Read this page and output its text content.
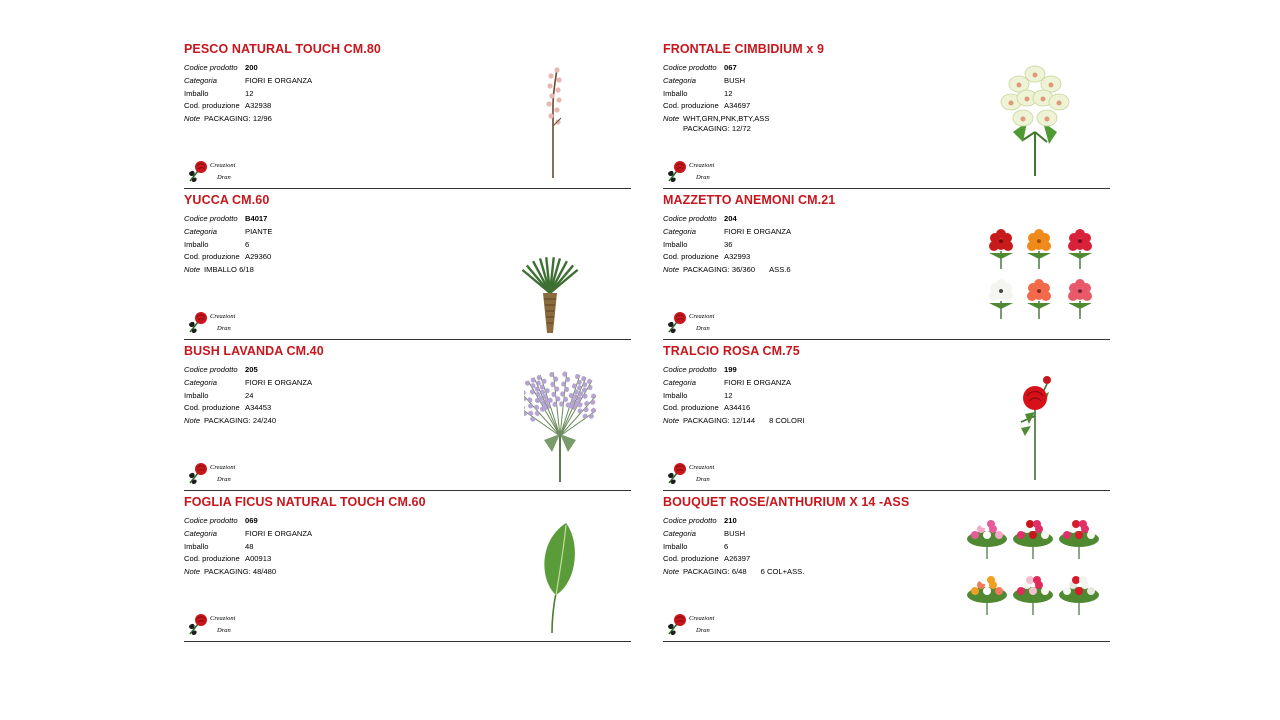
PESCO NATURAL TOUCH CM.80
Codice prodotto 200
Categoria	FIORI E ORGANZA
Imballo	12
Cod. produzione A32938
Note PACKAGING: 12/96
Creazioni
Dran
FRONTALE CIMBIDIUM x 9
Codice prodotto 067
Categoria	BUSH
Imballo	12
Cod. produzione A34697
Note WHT,GRN,PNK,BTY,ASS
PACKAGING: 12/72
Creazioni
Dran
YUCCA CM.60
Codice prodotto B4017
Categoria	PIANTE
Imballo	6
Cod. produzione A29360
Note IMBALLO 6/18
Creazioni
Dran
MAZZETTO ANEMONI CM.21
Codice prodotto 204
Categoria	FIORI E ORGANZA
Imballo	36
Cod. produzione A32993
Note PACKAGING: 36/360 ASS.6
Creazioni
Dran
BUSH LAVANDA CM.40
Codice prodotto 205
Categoria	FIORI E ORGANZA
Imballo	24
Cod. produzione A34453
Note PACKAGING: 24/240
Creazioni
Dran
TRALCIO ROSA CM.75
Codice prodotto 199
Categoria	FIORI E ORGANZA
Imballo	12
Cod. produzione A34416
Note PACKAGING: 12/144 8 COLORI
Creazioni
Dran
FOGLIA FICUS NATURAL TOUCH CM.60
Codice prodotto 069
Categoria	FIORI E ORGANZA
Imballo	48
Cod. produzione A00913
Note PACKAGING: 48/480
Creazioni
Dran
BOUQUET ROSE/ANTHURIUM X 14 -ASS
Codice prodotto 210
Categoria	BUSH
Imballo	6
Cod. produzione A26397
Note PACKAGING: 6/48 6 COL+ASS.
Creazioni
Dran
